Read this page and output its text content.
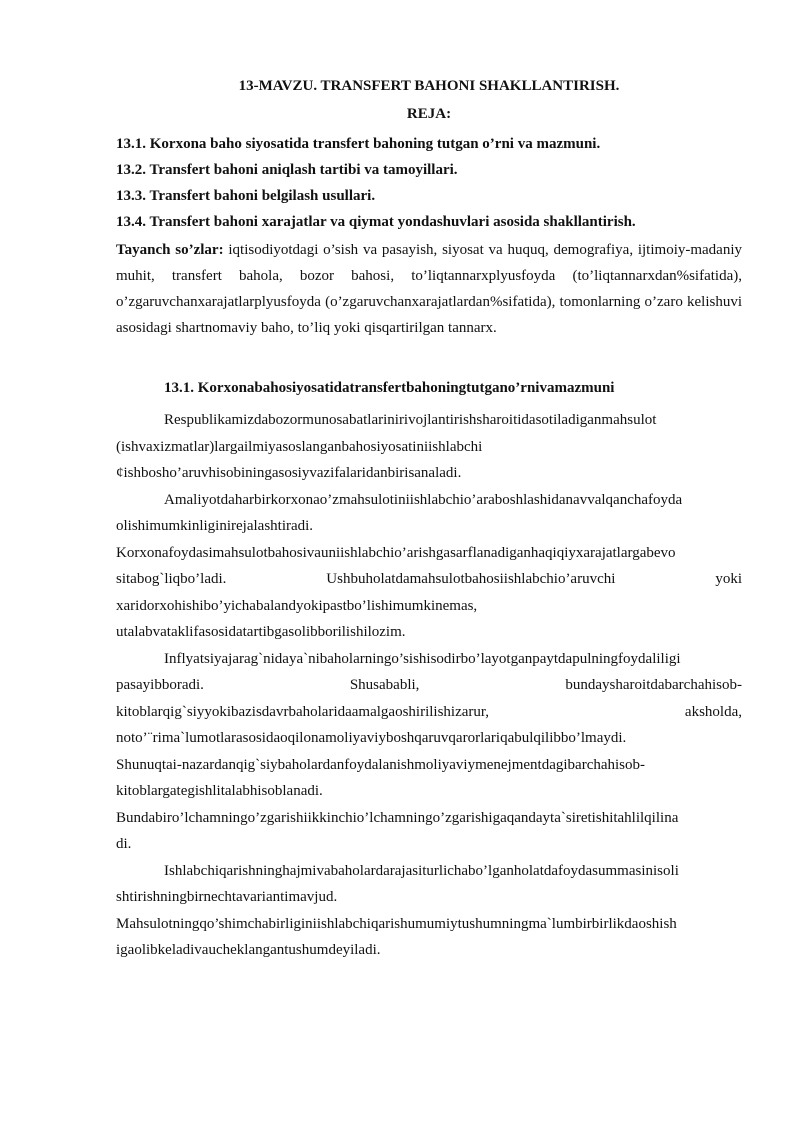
13-MAVZU. TRANSFERT BAHONI SHAKLLANTIRISH.
REJA:
13.1. Korxona baho siyosatida transfert bahoning tutgan o’rni va mazmuni.
13.2. Transfert bahoni aniqlash tartibi va tamoyillari.
13.3. Transfert bahoni belgilash usullari.
13.4. Transfert bahoni xarajatlar va qiymat yondashuvlari asosida shakllantirish.
Tayanch so’zlar: iqtisodiyotdagi o’sish va pasayish, siyosat va huquq, demografiya, ijtimoiy-madaniy muhit, transfert bahola, bozor bahosi, to’liqtannarxplyusfoyda (to’liqtannarxdan%sifatida), o’zgaruvchanxarajatlarplyusfoyda (o’zgaruvchanxarajatlardan%sifatida), tomonlarning o’zaro kelishuvi asosidagi shartnomaviy baho, to’liq yoki qisqartirilgan tannarx.
13.1. Korxonabahosiyosatidatransfertbahoningtutgano’rnivamazmuni
Respublikamizdabozormunosabatlarinirivojlantirishsharoitidasotiladiganmahsulot
(ishvaxizmatlar)largailmiyasoslanganbahosiyosatiniishlabchi
¢ishbosho’aruvhisobiningasosiyvazifalaridanbirisanaladi.
Amaliyotdaharbirkorxonao’zmahsulotiniishlabchio’araboshlashidanavvalqanchafoyda
olishimumkinliginirejalashtiradi.
Korxonafoydasimahsulotbahosivauniishlabchio’arishgasarflanadiganhaqiqiyxarajatlargabevo
sitabog`liqbo’ladi. Ushbuholatdamahsulotbahosiishlabchio’aruvchi yoki
xaridorxohishibo’yichabalandyokipastbo’lishimumkinemas,
utalabvataklifasosidatartibgasolibborilishilozim.
Inflyatsiyajarag`nidaya`nibaholarningo’sishisodirbo’layotganpaytdapulningfoydaliligi
pasayibboradi. Shusababli, bundaysharoitdabarchahisob-
kitoblarqig`siyyokibazisdavrbaholaridaamalgaoshirilishizarur, aksholda,
noto’¨rima`lumotlarasosidaoqilonamoliyaviyboshqaruvqarorlariqabulqilibbo’lmaydi.
Shunuqtai-nazardanqig`siybaholardanfoydalanishmoliyaviymenejmentdagibarchahisob-
kitoblargategishlitalabhisoblanadi.
Bundabiro’lchamningo’zgarishiikkinchio’lchamningo’zgarishigaqandayta`siretishitahlilqilina
di.
Ishlabchiqarishninghajmivabaholardarajasiturlichabo’lganholatdafoydasummasinisoli
shtirishningbirnechtavariantimavjud.
Mahsulotningqo’shimchabirliginiishlabchiqarishumumiytushumningma`lumbirbirlikdaoshish
igaolibkeladivaucheklangantushumdeyiladi.
